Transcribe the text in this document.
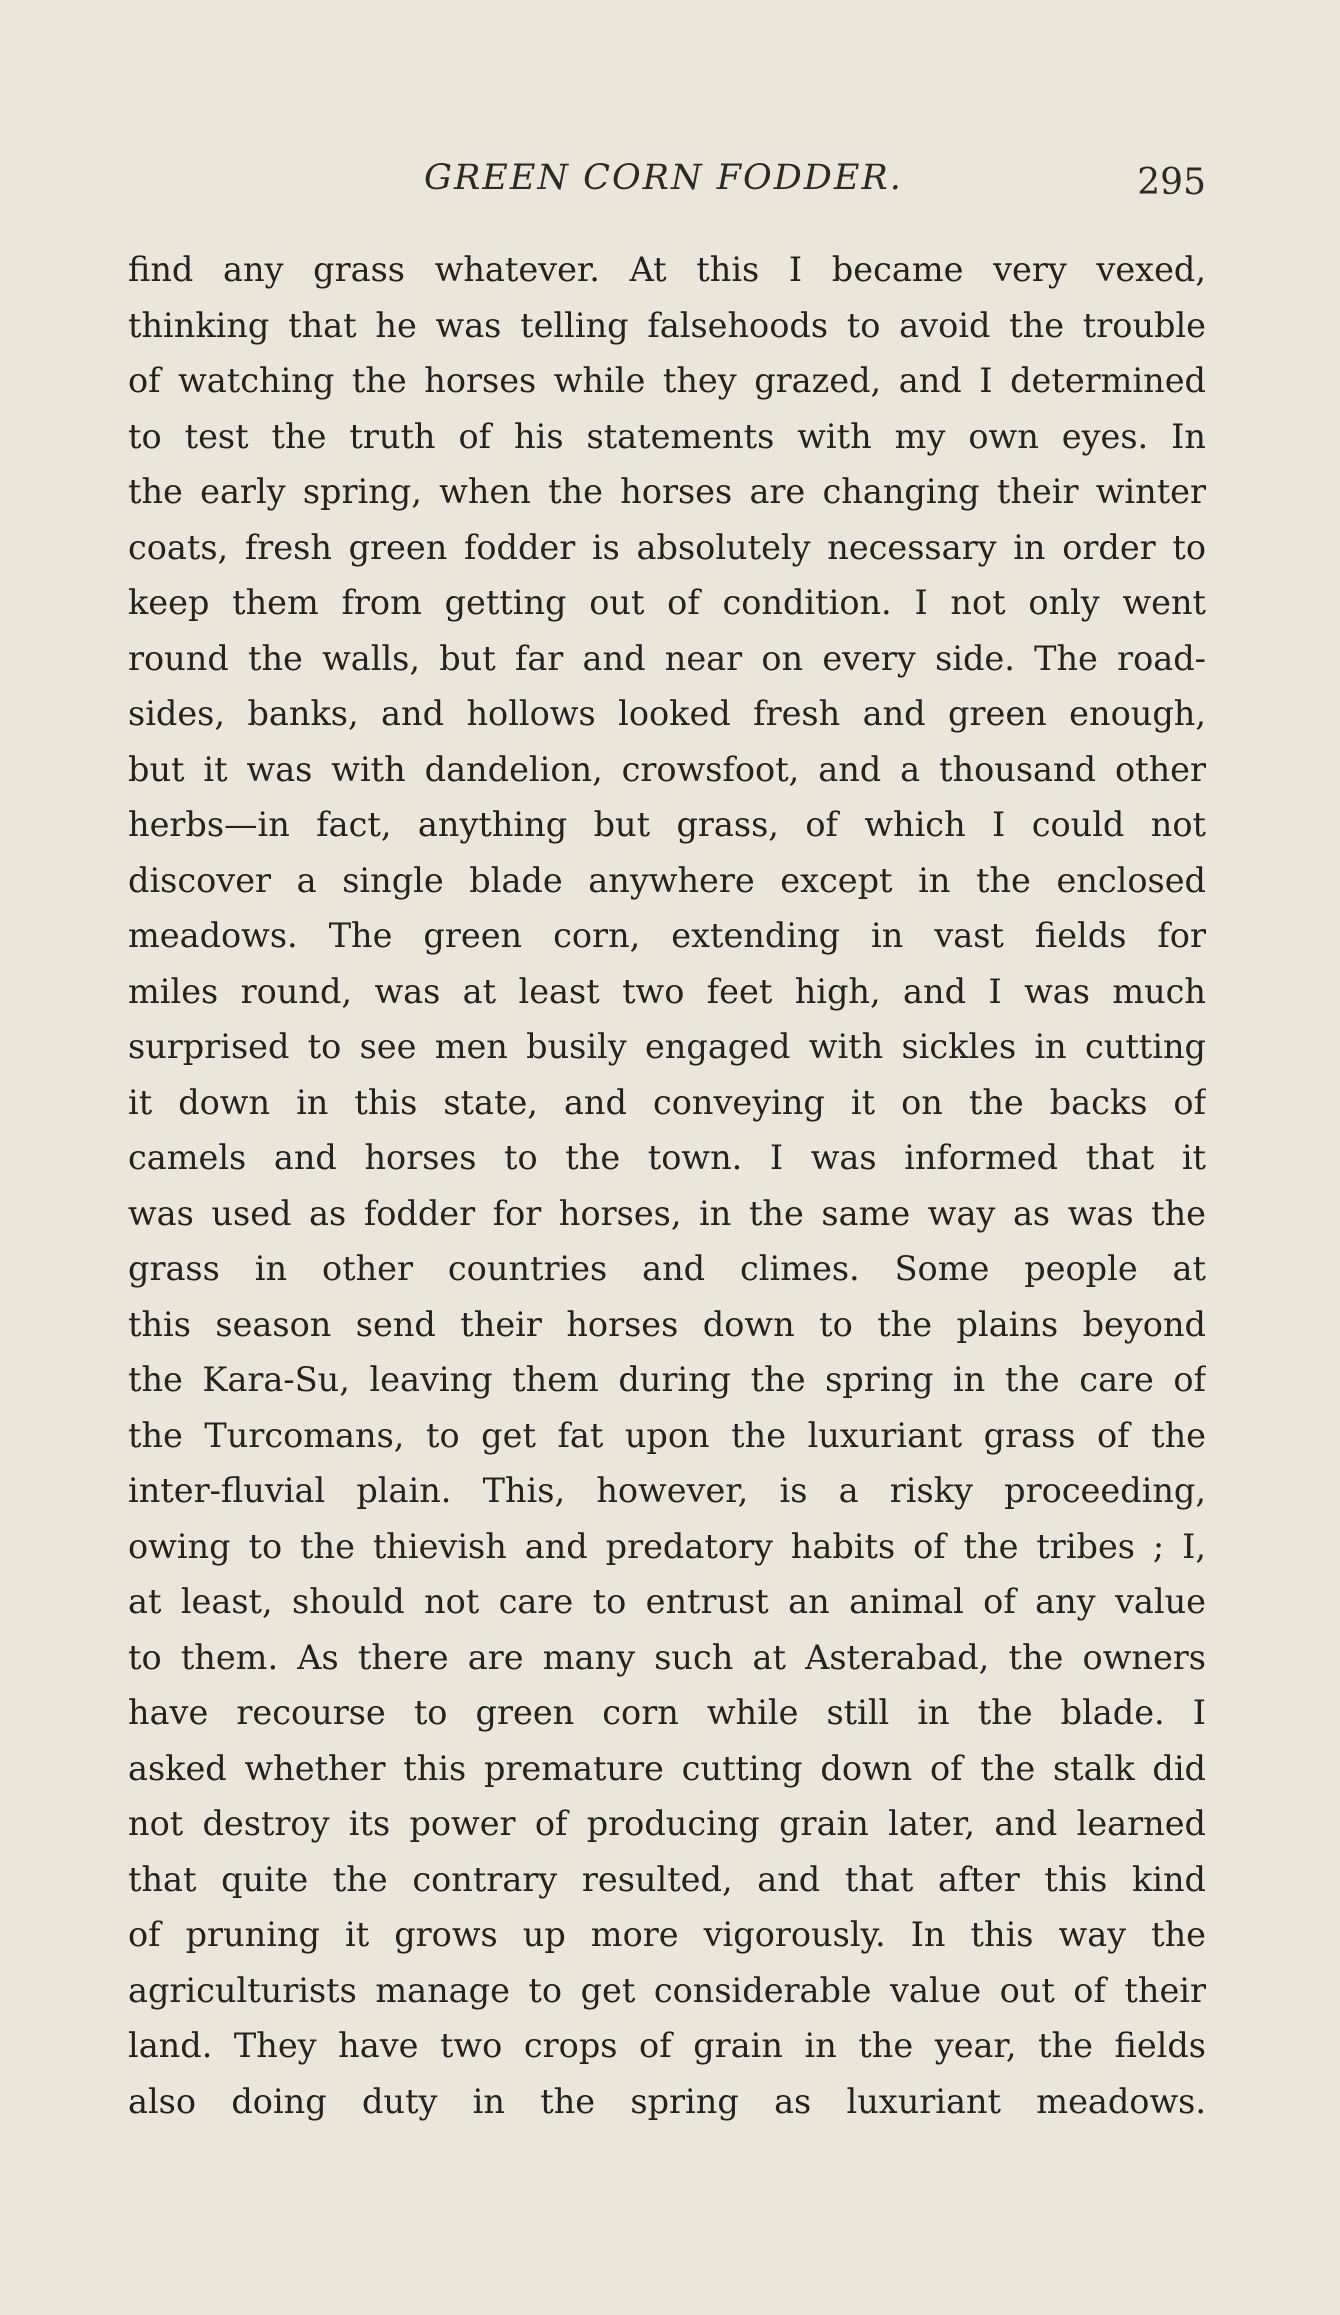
GREEN CORN FODDER.	295
find any grass whatever. At this I became very vexed,
thinking that he was telling falsehoods to avoid the trouble
of watching the horses while they grazed, and I determined
to test the truth of his statements with my own eyes. In
the early spring, when the horses are changing their winter
coats, fresh green fodder is absolutely necessary in order to
keep them from getting out of condition. I not only went
round the walls, but far and near on every side. The road-
sides, banks, and hollows looked fresh and green enough,
but it was with dandelion, crowsfoot, and a thousand other
herbs—in fact, anything but grass, of which I could not
discover a single blade anywhere except in the enclosed
meadows. The green corn, extending in vast fields for
miles round, was at least two feet high, and I was much
surprised to see men busily engaged with sickles in cutting
it down in this state, and conveying it on the backs of
camels and horses to the town. I was informed that it
was used as fodder for horses, in the same way as was the
grass in other countries and climes. Some people at
this season send their horses down to the plains beyond
the Kara-Su, leaving them during the spring in the care of
the Turcomans, to get fat upon the luxuriant grass of the
inter-fluvial plain. This, however, is a risky proceeding,
owing to the thievish and predatory habits of the tribes ; I,
at least, should not care to entrust an animal of any value
to them. As there are many such at Asterabad, the owners
have recourse to green corn while still in the blade. I
asked whether this premature cutting down of the stalk did
not destroy its power of producing grain later, and learned
that quite the contrary resulted, and that after this kind
of pruning it grows up more vigorously. In this way the
agriculturists manage to get considerable value out of their
land. They have two crops of grain in the year, the fields
also doing duty in the spring as luxuriant meadows.
